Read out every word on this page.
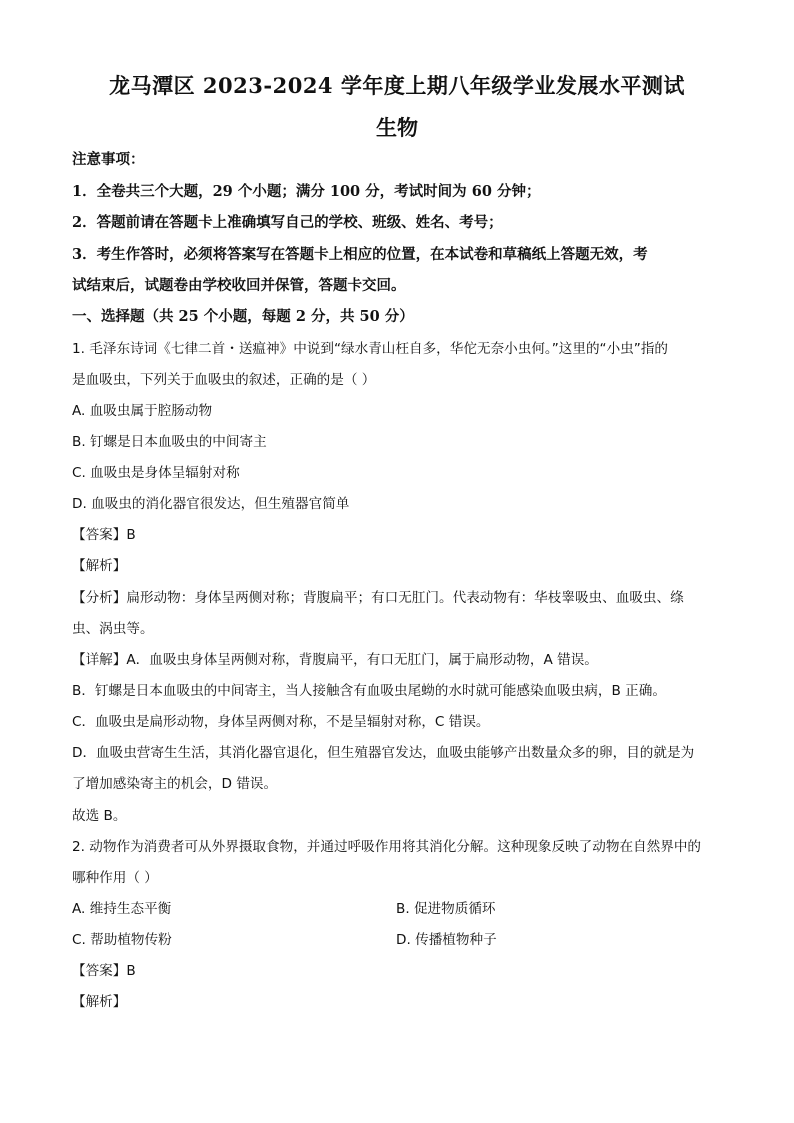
龙马潭区 2023-2024 学年度上期八年级学业发展水平测试
生物
注意事项：
1．全卷共三个大题，29 个小题；满分 100 分，考试时间为 60 分钟；
2．答题前请在答题卡上准确填写自己的学校、班级、姓名、考号；
3．考生作答时，必须将答案写在答题卡上相应的位置，在本试卷和草稿纸上答题无效，考
试结束后，试题卷由学校收回并保管，答题卡交回。
一、选择题（共 25 个小题，每题 2 分，共 50 分）
1. 毛泽东诗词《七律二首・送瘟神》中说到“绿水青山枉自多，华佗无奈小虫何。”这里的“小虫”指的
是血吸虫，下列关于血吸虫的叙述，正确的是（ ）
A. 血吸虫属于腔肠动物
B. 钉螺是日本血吸虫的中间寄主
C. 血吸虫是身体呈辐射对称
D. 血吸虫的消化器官很发达，但生殖器官简单
【答案】B
【解析】
【分析】扁形动物：身体呈两侧对称；背腹扁平；有口无肛门。代表动物有：华枝睾吸虫、血吸虫、绦
虫、涡虫等。
【详解】A．血吸虫身体呈两侧对称，背腹扁平，有口无肛门，属于扁形动物，A 错误。
B．钉螺是日本血吸虫的中间寄主，当人接触含有血吸虫尾蚴的水时就可能感染血吸虫病，B 正确。
C．血吸虫是扁形动物，身体呈两侧对称，不是呈辐射对称，C 错误。
D．血吸虫营寄生生活，其消化器官退化，但生殖器官发达，血吸虫能够产出数量众多的卵，目的就是为
了增加感染寄主的机会，D 错误。
故选 B。
2. 动物作为消费者可从外界摄取食物，并通过呼吸作用将其消化分解。这种现象反映了动物在自然界中的
哪种作用（ ）
A. 维持生态平衡	B. 促进物质循环
C. 帮助植物传粉	D. 传播植物种子
【答案】B
【解析】
